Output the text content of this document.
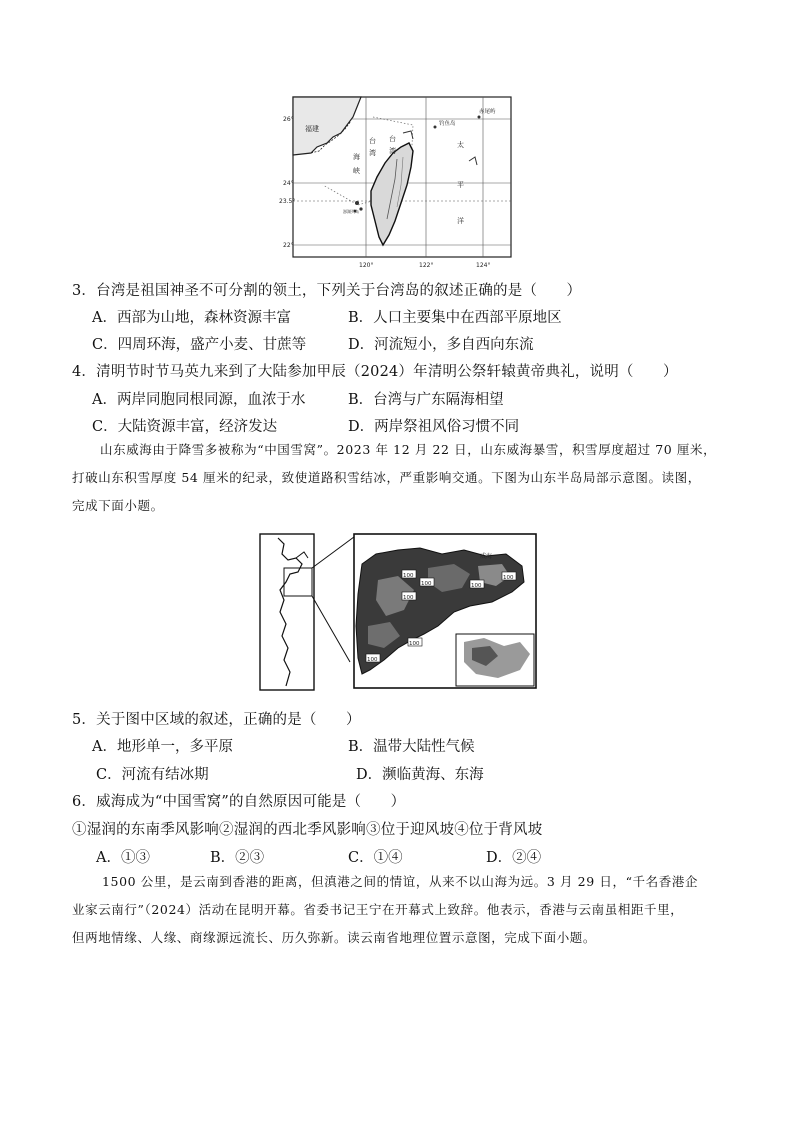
26°
24°
23.5°
22°
120°	122°	124°
福建
台
湾
海
峡
台
湾
太
平
洋
钓鱼岛
赤尾屿
澎湖列岛
3．台湾是祖国神圣不可分割的领土，下列关于台湾岛的叙述正确的是（　　）
A．西部为山地，森林资源丰富	B．人口主要集中在西部平原地区
C．四周环海，盛产小麦、甘蔗等	D．河流短小，多自西向东流
4．清明节时节马英九来到了大陆参加甲辰（2024）年清明公祭轩辕黄帝典礼，说明（　　）
A．两岸同胞同根同源，血浓于水	B．台湾与广东隔海相望
C．大陆资源丰富，经济发达	D．两岸祭祖风俗习惯不同
山东威海由于降雪多被称为“中国雪窝”。2023 年 12 月 22 日，山东威海暴雪，积雪厚度超过 70 厘米，
打破山东积雪厚度 54 厘米的纪录，致使道路积雪结冰，严重影响交通。下图为山东半岛局部示意图。读图，
完成下面小题。
威海
100
100
100
100
100
100
100
5．关于图中区域的叙述，正确的是（　　）
A．地形单一，多平原	B．温带大陆性气候
C．河流有结冰期	D．濒临黄海、东海
6．威海成为“中国雪窝”的自然原因可能是（　　）
①湿润的东南季风影响②湿润的西北季风影响③位于迎风坡④位于背风坡
A．①③	B．②③	C．①④	D．②④
1500 公里，是云南到香港的距离，但滇港之间的情谊，从来不以山海为远。3 月 29 日，“千名香港企
业家云南行”（2024）活动在昆明开幕。省委书记王宁在开幕式上致辞。他表示，香港与云南虽相距千里，
但两地情缘、人缘、商缘源远流长、历久弥新。读云南省地理位置示意图，完成下面小题。
